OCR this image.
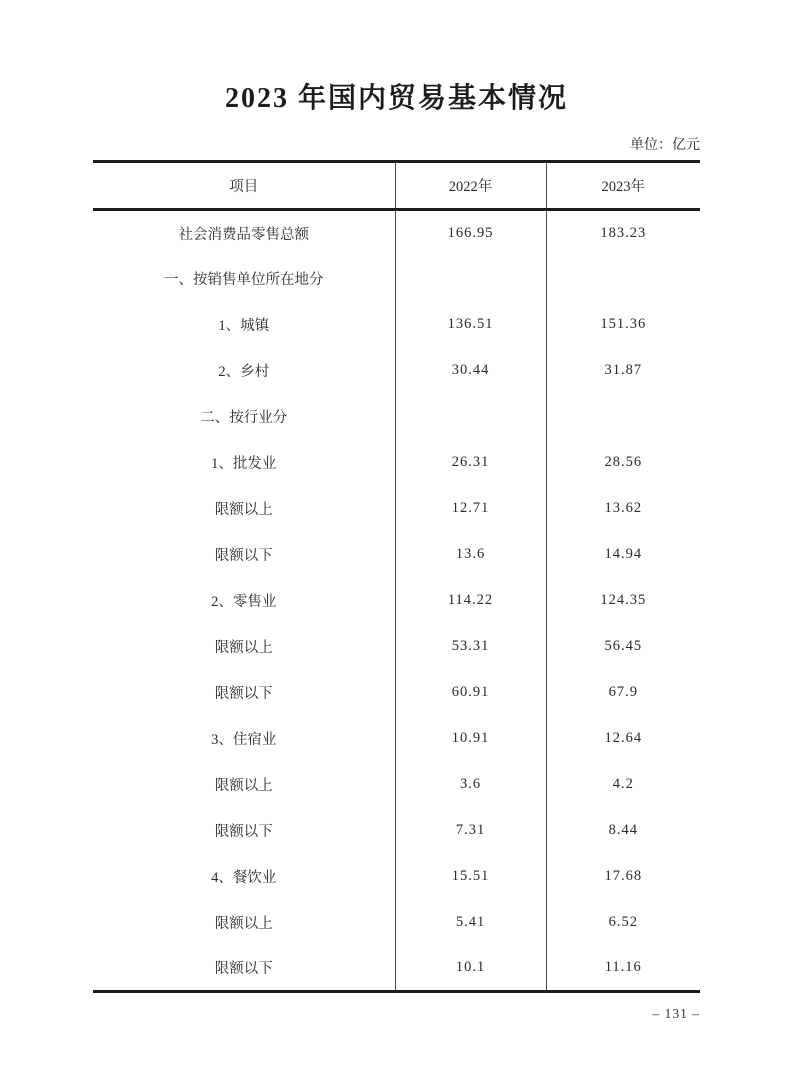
2023 年国内贸易基本情况
单位：亿元
项目	2022年	2023年
社会消费品零售总额	166.95	183.23
一、按销售单位所在地分		
1、城镇	136.51	151.36
2、乡村	30.44	31.87
二、按行业分		
1、批发业	26.31	28.56
限额以上	12.71	13.62
限额以下	13.6	14.94
2、零售业	114.22	124.35
限额以上	53.31	56.45
限额以下	60.91	67.9
3、住宿业	10.91	12.64
限额以上	3.6	4.2
限额以下	7.31	8.44
4、餐饮业	15.51	17.68
限额以上	5.41	6.52
限额以下	10.1	11.16
– 131 –
